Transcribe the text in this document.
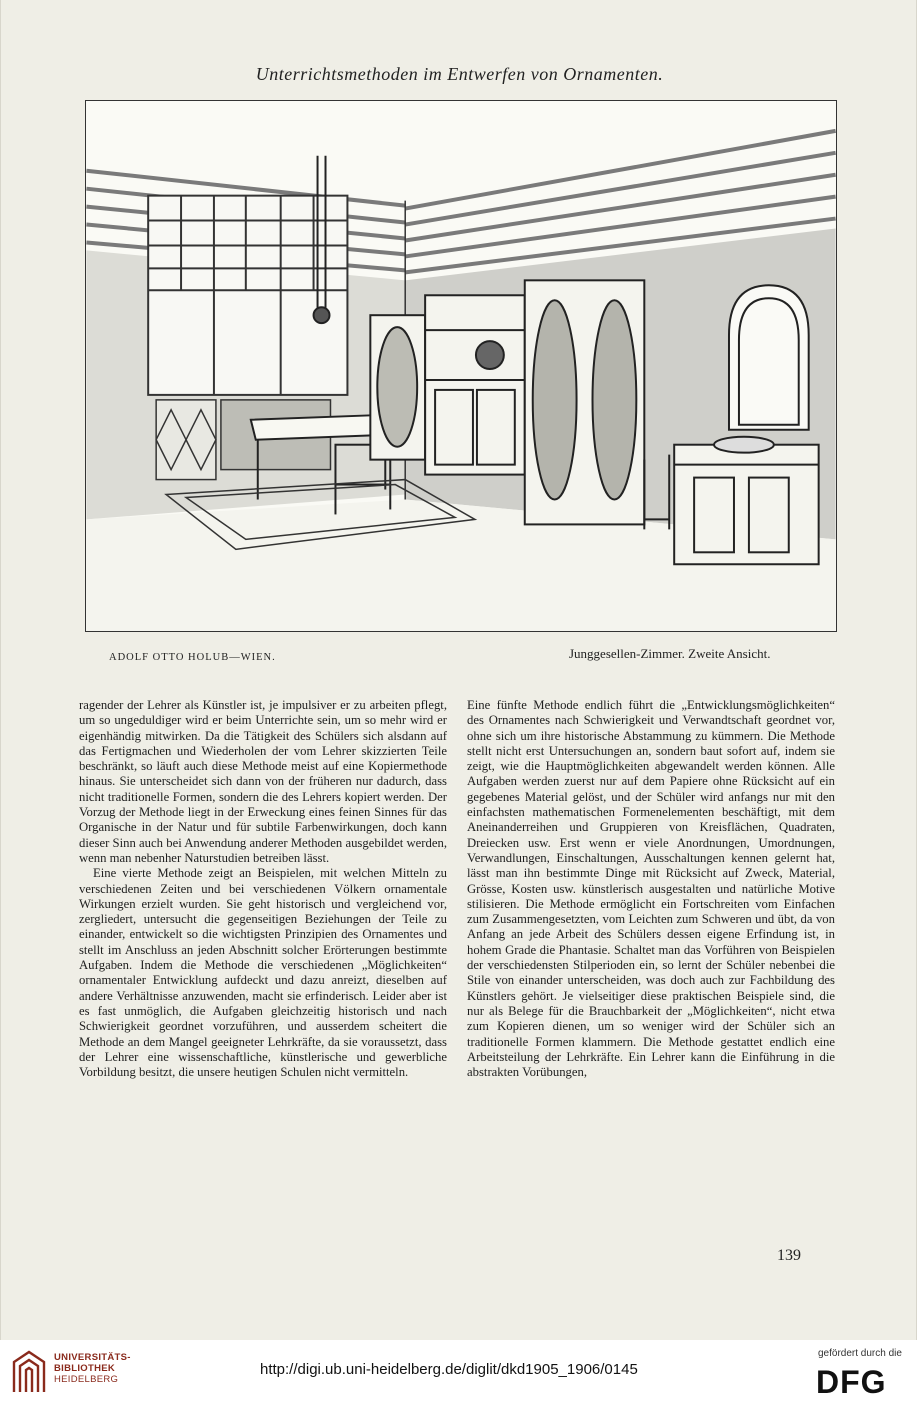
Unterrichtsmethoden im Entwerfen von Ornamenten.
ADOLF OTTO HOLUB—WIEN.	Junggesellen-Zimmer. Zweite Ansicht.

ragender der Lehrer als Künstler ist, je impulsiver er zu arbeiten pflegt, um so ungeduldiger wird er beim Unterrichte sein, um so mehr wird er eigenhändig mitwirken. Da die Tätigkeit des Schülers sich alsdann auf das Fertigmachen und Wiederholen der vom Lehrer skizzierten Teile beschränkt, so läuft auch diese Methode meist auf eine Kopiermethode hinaus. Sie unterscheidet sich dann von der früheren nur dadurch, dass nicht traditionelle Formen, sondern die des Lehrers kopiert werden. Der Vorzug der Methode liegt in der Erweckung eines feinen Sinnes für das Organische in der Natur und für subtile Farbenwirkungen, doch kann dieser Sinn auch bei Anwendung anderer Methoden ausgebildet werden, wenn man nebenher Naturstudien betreiben lässt.

Eine vierte Methode zeigt an Beispielen, mit welchen Mitteln zu verschiedenen Zeiten und bei verschiedenen Völkern ornamentale Wirkungen erzielt wurden. Sie geht historisch und vergleichend vor, zergliedert, untersucht die gegenseitigen Beziehungen der Teile zu einander, entwickelt so die wichtigsten Prinzipien des Ornamentes und stellt im Anschluss an jeden Abschnitt solcher Erörterungen bestimmte Aufgaben. Indem die Methode die verschiedenen „Möglichkeiten“ ornamentaler Entwicklung aufdeckt und dazu anreizt, dieselben auf andere Verhältnisse anzuwenden, macht sie erfinderisch. Leider aber ist es fast unmöglich, die Aufgaben gleichzeitig historisch und nach Schwierigkeit geordnet vorzuführen, und ausserdem scheitert die Methode an dem Mangel geeigneter Lehrkräfte, da sie voraussetzt, dass der Lehrer eine wissenschaftliche, künstlerische und gewerbliche Vorbildung besitzt, die unsere heutigen Schulen nicht vermitteln.

Eine fünfte Methode endlich führt die „Entwicklungsmöglichkeiten“ des Ornamentes nach Schwierigkeit und Verwandtschaft geordnet vor, ohne sich um ihre historische Abstammung zu kümmern. Die Methode stellt nicht erst Untersuchungen an, sondern baut sofort auf, indem sie zeigt, wie die Hauptmöglichkeiten abgewandelt werden können. Alle Aufgaben werden zuerst nur auf dem Papiere ohne Rücksicht auf ein gegebenes Material gelöst, und der Schüler wird anfangs nur mit den einfachsten mathematischen Formenelementen beschäftigt, mit dem Aneinanderreihen und Gruppieren von Kreisflächen, Quadraten, Dreiecken usw. Erst wenn er viele Anordnungen, Umordnungen, Verwandlungen, Einschaltungen, Ausschaltungen kennen gelernt hat, lässt man ihn bestimmte Dinge mit Rücksicht auf Zweck, Material, Grösse, Kosten usw. künstlerisch ausgestalten und natürliche Motive stilisieren. Die Methode ermöglicht ein Fortschreiten vom Einfachen zum Zusammengesetzten, vom Leichten zum Schweren und übt, da von Anfang an jede Arbeit des Schülers dessen eigene Erfindung ist, in hohem Grade die Phantasie. Schaltet man das Vorführen von Beispielen der verschiedensten Stilperioden ein, so lernt der Schüler nebenbei die Stile von einander unterscheiden, was doch auch zur Fachbildung des Künstlers gehört. Je vielseitiger diese praktischen Beispiele sind, die nur als Belege für die Brauchbarkeit der „Möglichkeiten“, nicht etwa zum Kopieren dienen, um so weniger wird der Schüler sich an traditionelle Formen klammern. Die Methode gestattet endlich eine Arbeitsteilung der Lehrkräfte. Ein Lehrer kann die Einführung in die abstrakten Vorübungen,

139
UNIVERSITÄTS-
BIBLIOTHEK
HEIDELBERG
http://digi.ub.uni-heidelberg.de/diglit/dkd1905_1906/0145
gefördert durch die
DFG
